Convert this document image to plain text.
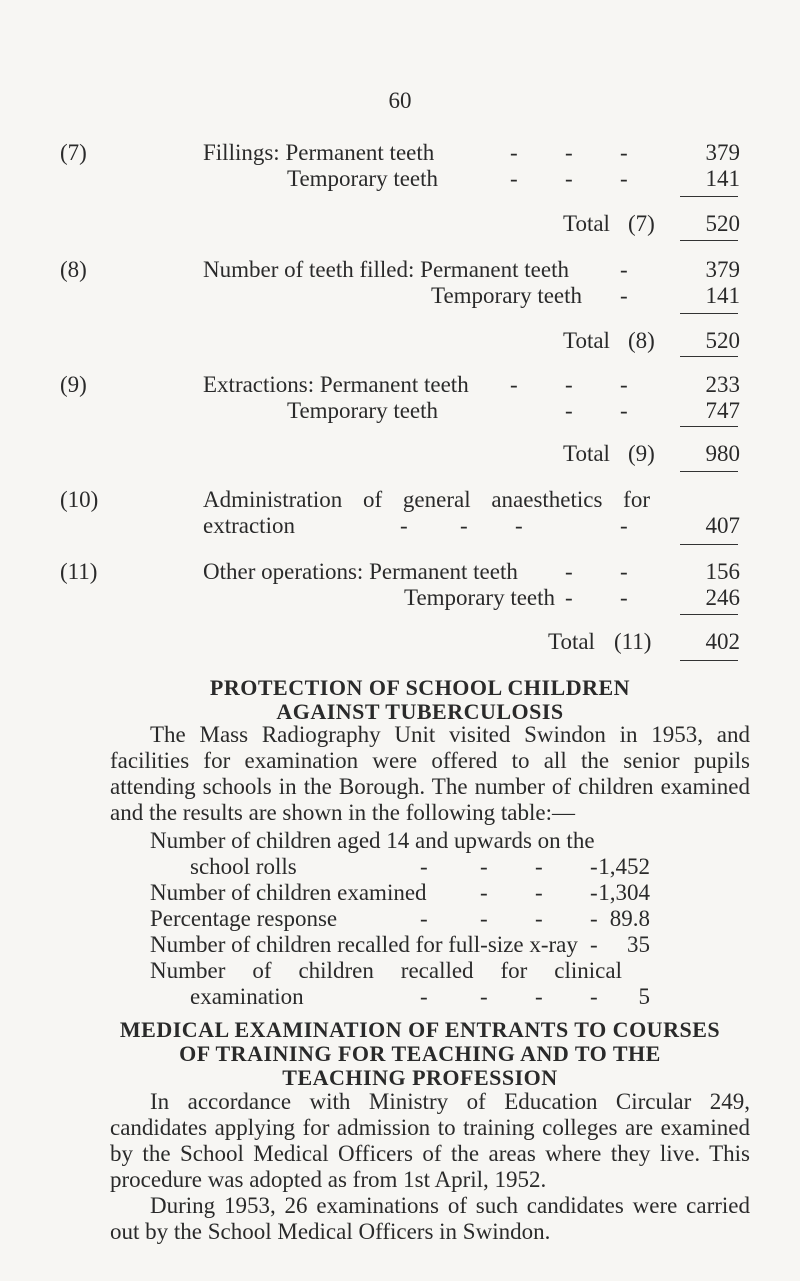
60
(7)	Fillings: Permanent teeth	- - -	379
Temporary teeth	- - -	141
Total (7)	520
(8)	Number of teeth filled: Permanent teeth -	379
Temporary teeth -	141
Total (8)	520
(9)	Extractions: Permanent teeth - - -	233
Temporary teeth	- -	747
Total (9)	980
(10)	Administration of general anaesthetics for
extraction	- - -	-	407
(11)	Other operations: Permanent teeth - -	156
Temporary teeth - -	246
Total (11)	402
PROTECTION OF SCHOOL CHILDREN
AGAINST TUBERCULOSIS
The Mass Radiography Unit visited Swindon in 1953, and facilities for examination were offered to all the senior pupils attending schools in the Borough. The number of children examined and the results are shown in the following table:—
Number of children aged 14 and upwards on the
school rolls	- - - - 1,452
Number of children examined - - - 1,304
Percentage response	- - - - 89.8
Number of children recalled for full-size x-ray -	35
Number of children recalled for clinical
examination	- - - -	5
MEDICAL EXAMINATION OF ENTRANTS TO COURSES
OF TRAINING FOR TEACHING AND TO THE
TEACHING PROFESSION
In accordance with Ministry of Education Circular 249, candidates applying for admission to training colleges are examined by the School Medical Officers of the areas where they live. This procedure was adopted as from 1st April, 1952.
During 1953, 26 examinations of such candidates were carried out by the School Medical Officers in Swindon.
